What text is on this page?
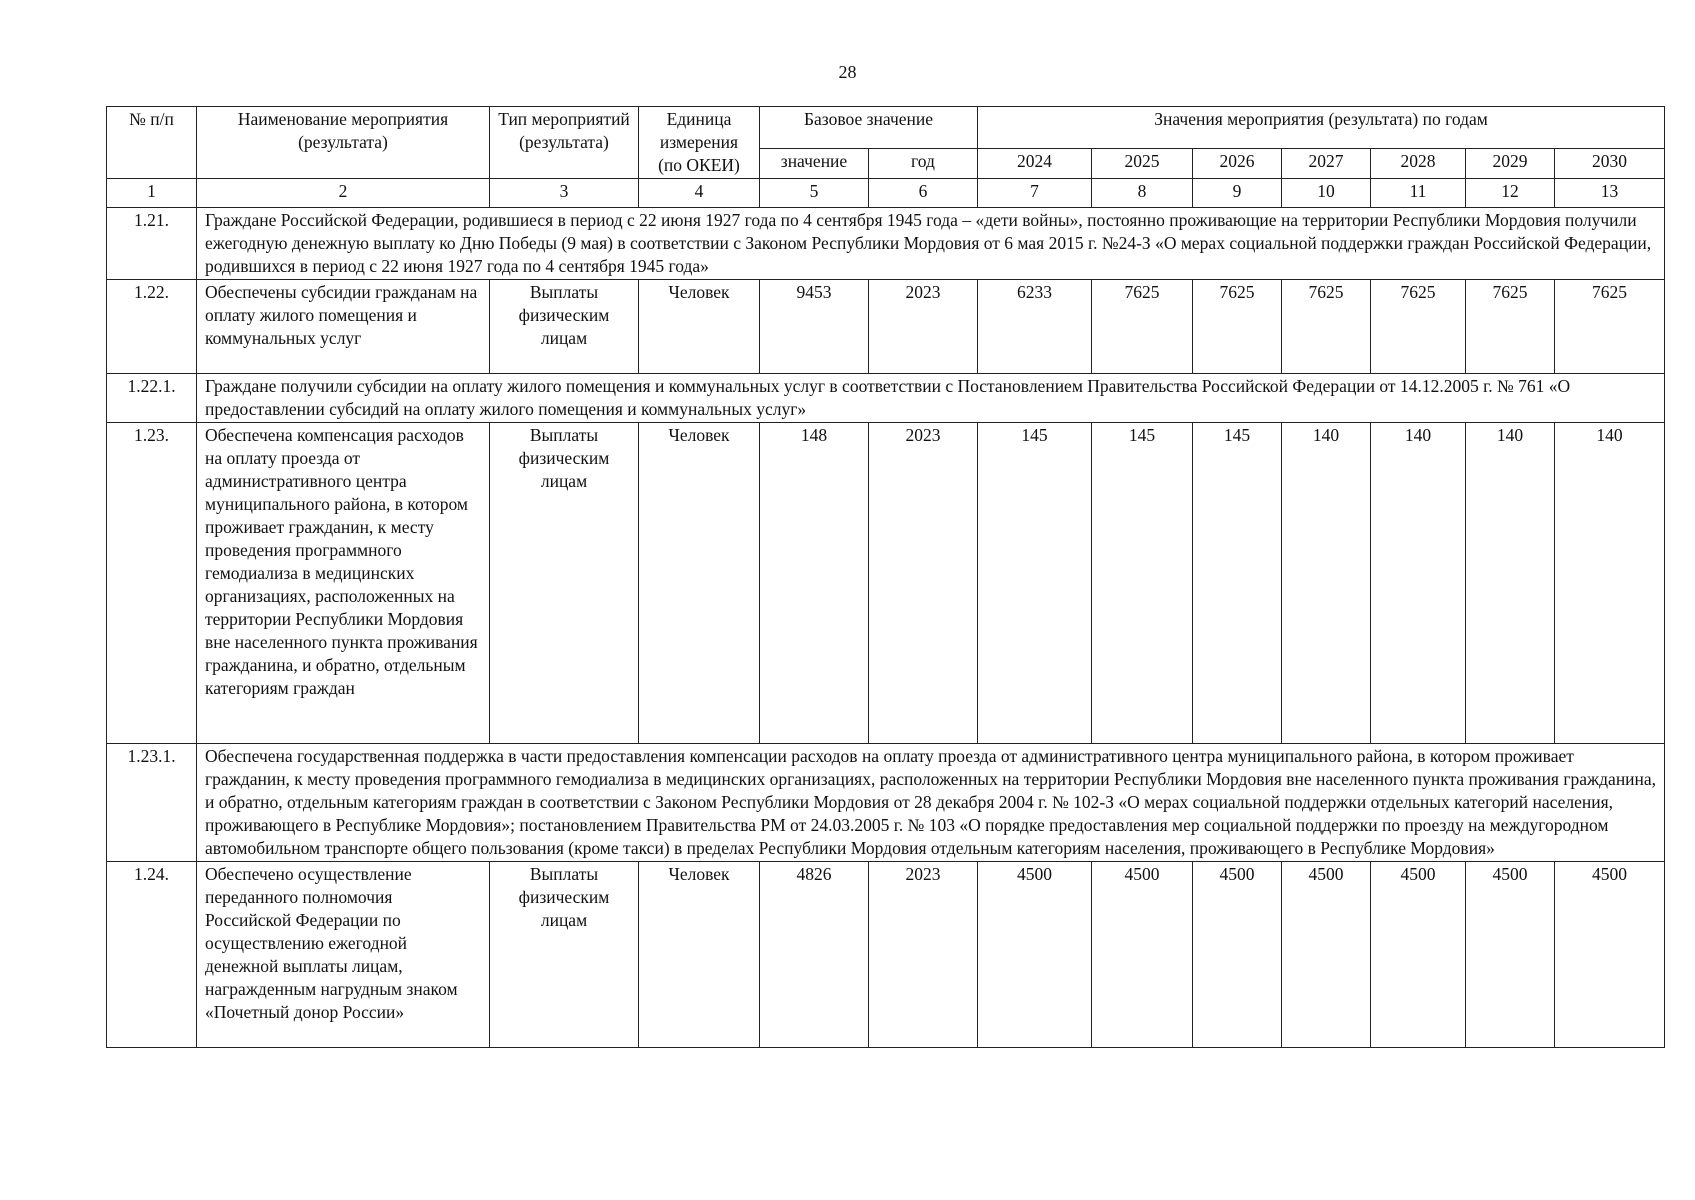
28
№ п/п	Наименование мероприятия (результата)	Тип мероприятий (результата)	Единица измерения (по ОКЕИ)	Базовое значение		Значения мероприятия (результата) по годам						
				значение	год	2024	2025	2026	2027	2028	2029	2030
1	2	3	4	5	6	7	8	9	10	11	12	13
1.21.	Граждане Российской Федерации, родившиеся в период с 22 июня 1927 года по 4 сентября 1945 года – «дети войны», постоянно проживающие на территории Республики Мордовия получили ежегодную денежную выплату ко Дню Победы (9 мая) в соответствии с Законом Республики Мордовия от 6 мая 2015 г. №24-З «О мерах социальной поддержки граждан Российской Федерации, родившихся в период с 22 июня 1927 года по 4 сентября 1945 года»											
1.22.	Обеспечены субсидии гражданам на оплату жилого помещения и коммунальных услуг	Выплаты физическим лицам	Человек	9453	2023	6233	7625	7625	7625	7625	7625	7625
1.22.1.	Граждане получили субсидии на оплату жилого помещения и коммунальных услуг в соответствии с Постановлением Правительства Российской Федерации от 14.12.2005 г. № 761 «О предоставлении субсидий на оплату жилого помещения и коммунальных услуг»											
1.23.	Обеспечена компенсация расходов на оплату проезда от административного центра муниципального района, в котором проживает гражданин, к месту проведения программного гемодиализа в медицинских организациях, расположенных на территории Республики Мордовия вне населенного пункта проживания гражданина, и обратно, отдельным категориям граждан	Выплаты физическим лицам	Человек	148	2023	145	145	145	140	140	140	140
1.23.1.	Обеспечена государственная поддержка в части предоставления компенсации расходов на оплату проезда от административного центра муниципального района, в котором проживает гражданин, к месту проведения программного гемодиализа в медицинских организациях, расположенных на территории Республики Мордовия вне населенного пункта проживания гражданина, и обратно, отдельным категориям граждан в соответствии с Законом Республики Мордовия от 28 декабря 2004 г. № 102-З «О мерах социальной поддержки отдельных категорий населения, проживающего в Республике Мордовия»; постановлением Правительства РМ от 24.03.2005 г. № 103 «О порядке предоставления мер социальной поддержки по проезду на междугородном автомобильном транспорте общего пользования (кроме такси) в пределах Республики Мордовия отдельным категориям населения, проживающего в Республике Мордовия»											
1.24.	Обеспечено осуществление переданного полномочия Российской Федерации по осуществлению ежегодной денежной выплаты лицам, награжденным нагрудным знаком «Почетный донор России»	Выплаты физическим лицам	Человек	4826	2023	4500	4500	4500	4500	4500	4500	4500
